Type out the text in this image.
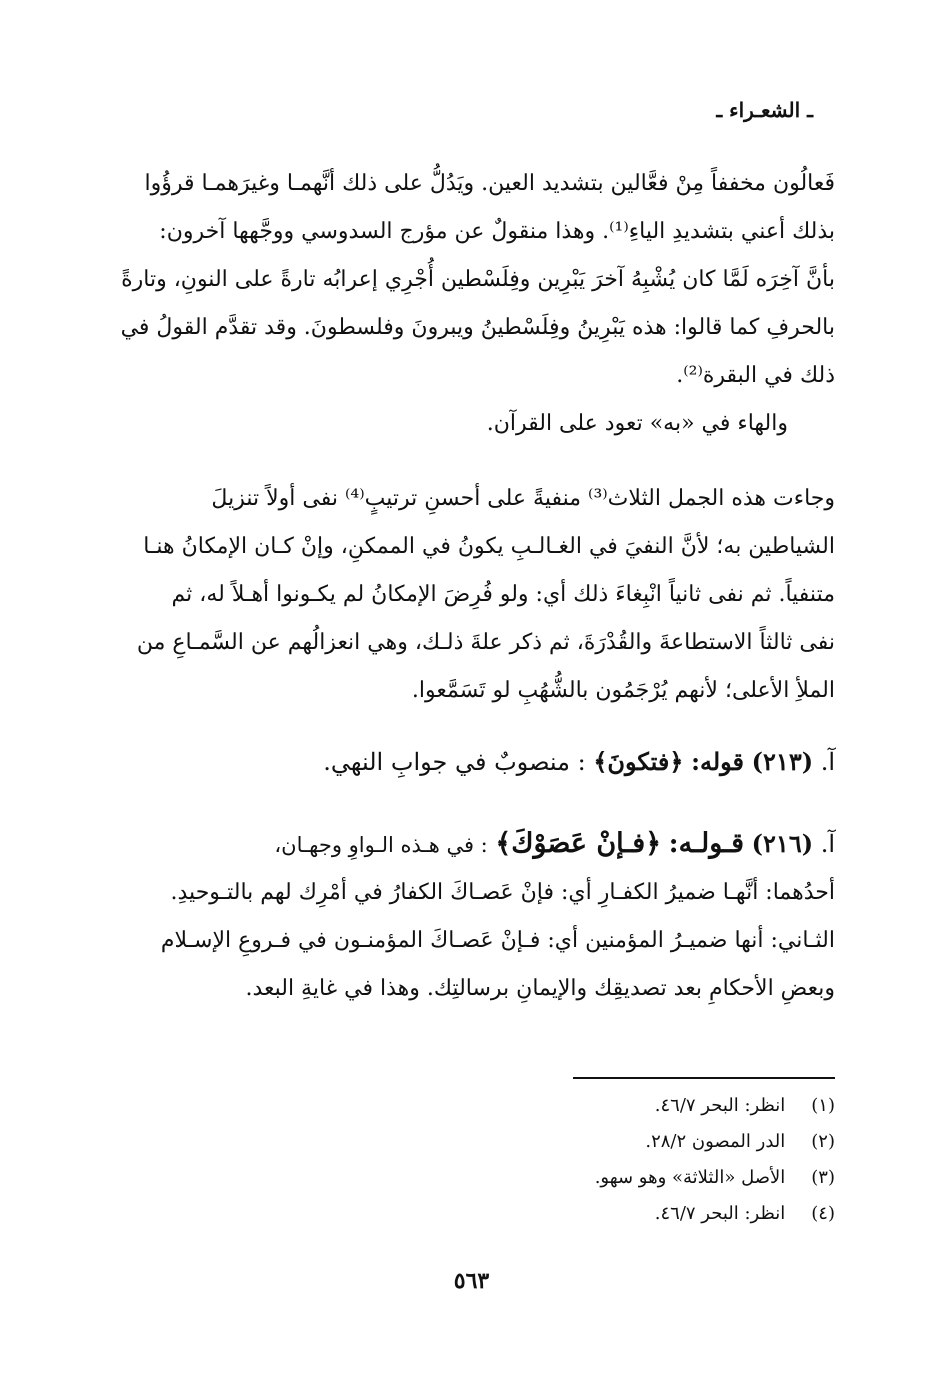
ـ الشعـراء ـ

فَعالُون مخففاً مِنْ فعَّالين بتشديد العين. ويَدُلُّ على ذلك أنَّهمـا وغيرَهمـا قرؤُوا

بذلك أعني بتشديدِ الياءِ⁽¹⁾. وهذا منقولٌ عن مؤرج السدوسي ووجَّهها آخرون:

بأنَّ آخِرَه لَمَّا كان يُشْبِهُ آخرَ يَبْرِين وفِلَسْطين أُجْرِي إعرابُه تارةً على النونِ، وتارةً

بالحرفِ كما قالوا: هذه يَبْرِينُ وفِلَسْطينُ ويبرونَ وفلسطونَ. وقد تقدَّم القولُ في

ذلك في البقرة⁽²⁾.

والهاء في «به» تعود على القرآن.

وجاءت هذه الجمل الثلاث⁽³⁾ منفيةً على أحسنِ ترتيبٍ⁽⁴⁾ نفى أولاً تنزيلَ

الشياطين به؛ لأنَّ النفيَ في الغـالـبِ يكونُ في الممكنِ، وإنْ كـان الإمكانُ هنـا

متنفياً. ثم نفى ثانياً انْبِغاءَ ذلك أي: ولو فُرِضَ الإمكانُ لم يكـونوا أهـلاً له، ثم

نفى ثالثاً الاستطاعةَ والقُدْرَةَ، ثم ذكر علةَ ذلـك، وهي انعزالُهم عن السَّمـاعِ من

الملأِ الأعلى؛ لأنهم يُرْجَمُون بالشُّهُبِ لو تَسَمَّعوا.

آ. (٢١٣) قوله: ﴿فتكونَ﴾ : منصوبٌ في جوابِ النهي.

آ. (٢١٦) قـولـه: ﴿فـإنْ عَصَوْكَ﴾ : في هـذه الـواوِ وجهـان،

أحدُهما: أنَّهـا ضميرُ الكفـارِ أي: فإنْ عَصـاكَ الكفارُ في أمْرِك لهم بالتـوحيدِ.

الثـاني: أنها ضميـرُ المؤمنين أي: فـإنْ عَصـاكَ المؤمنـون في فـروعِ الإسـلام

وبعضِ الأحكامِ بعد تصديقِك والإيمانِ برسالتِك. وهذا في غايةِ البعد.

(١) انظر: البحر ٤٦/٧.
(٢) الدر المصون ٢٨/٢.
(٣) الأصل «الثلاثة» وهو سهو.
(٤) انظر: البحر ٤٦/٧.
٥٦٣
